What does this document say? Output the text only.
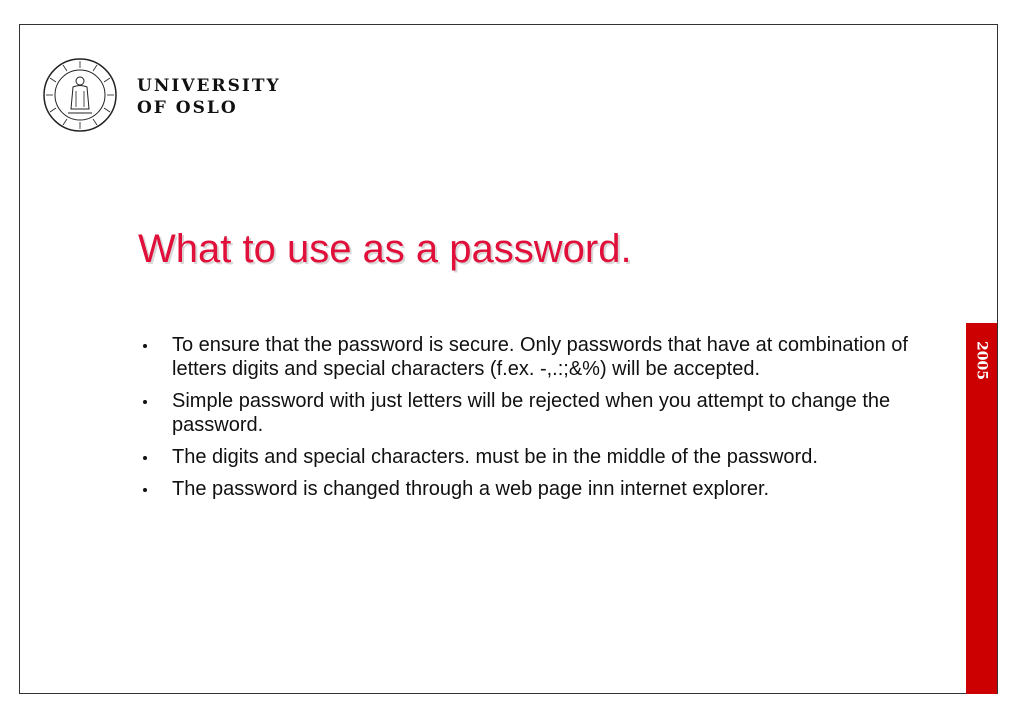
UNIVERSITY
OF OSLO
What to use as a password.
To ensure that the password is secure. Only passwords that have at combination of letters digits and special characters (f.ex. -,.:;&%) will be accepted.
Simple password with just letters will be rejected when you attempt to change the password.
The digits and special characters. must be in the middle of the password.
The password is changed through a web page inn internet explorer.
2005
